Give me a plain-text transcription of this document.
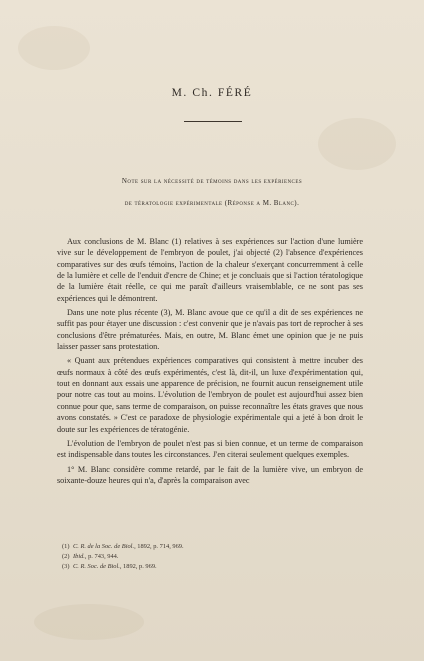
M. Ch. FÉRÉ
Note sur la nécessité de témoins dans les expériences
de tératologie expérimentale (Réponse a M. Blanc).

Aux conclusions de M. Blanc (1) relatives à ses expériences sur l'action d'une lumière vive sur le développement de l'embryon de poulet, j'ai objecté (2) l'absence d'expériences comparatives sur des œufs témoins, l'action de la chaleur s'exerçant concurremment à celle de la lumière et celle de l'enduit d'encre de Chine; et je concluais que si l'action tératologique de la lumière était réelle, ce qui me paraît d'ailleurs vraisemblable, ce ne sont pas ses expériences qui le démontrent.

Dans une note plus récente (3), M. Blanc avoue que ce qu'il a dit de ses expériences ne suffit pas pour étayer une discussion : c'est convenir que je n'avais pas tort de reprocher à ses conclusions d'être prématurées. Mais, en outre, M. Blanc émet une opinion que je ne puis laisser passer sans protestation.

« Quant aux prétendues expériences comparatives qui consistent à mettre incuber des œufs normaux à côté des œufs expérimentés, c'est là, dit-il, un luxe d'expérimentation qui, tout en donnant aux essais une apparence de précision, ne fournit aucun renseignement utile pour notre cas tout au moins. L'évolution de l'embryon de poulet est aujourd'hui assez bien connue pour que, sans terme de comparaison, on puisse reconnaître les états graves que nous avons constatés. » C'est ce paradoxe de physiologie expérimentale qui a jeté à bon droit le doute sur les expériences de tératogénie.

L'évolution de l'embryon de poulet n'est pas si bien connue, et un terme de comparaison est indispensable dans toutes les circonstances. J'en citerai seulement quelques exemples.

1° M. Blanc considère comme retardé, par le fait de la lumière vive, un embryon de soixante-douze heures qui n'a, d'après la comparaison avec

(1) C. R. de la Soc. de Biol., 1892, p. 714, 969.
(2) Ibid., p. 743, 944.
(3) C. R. Soc. de Biol., 1892, p. 969.
